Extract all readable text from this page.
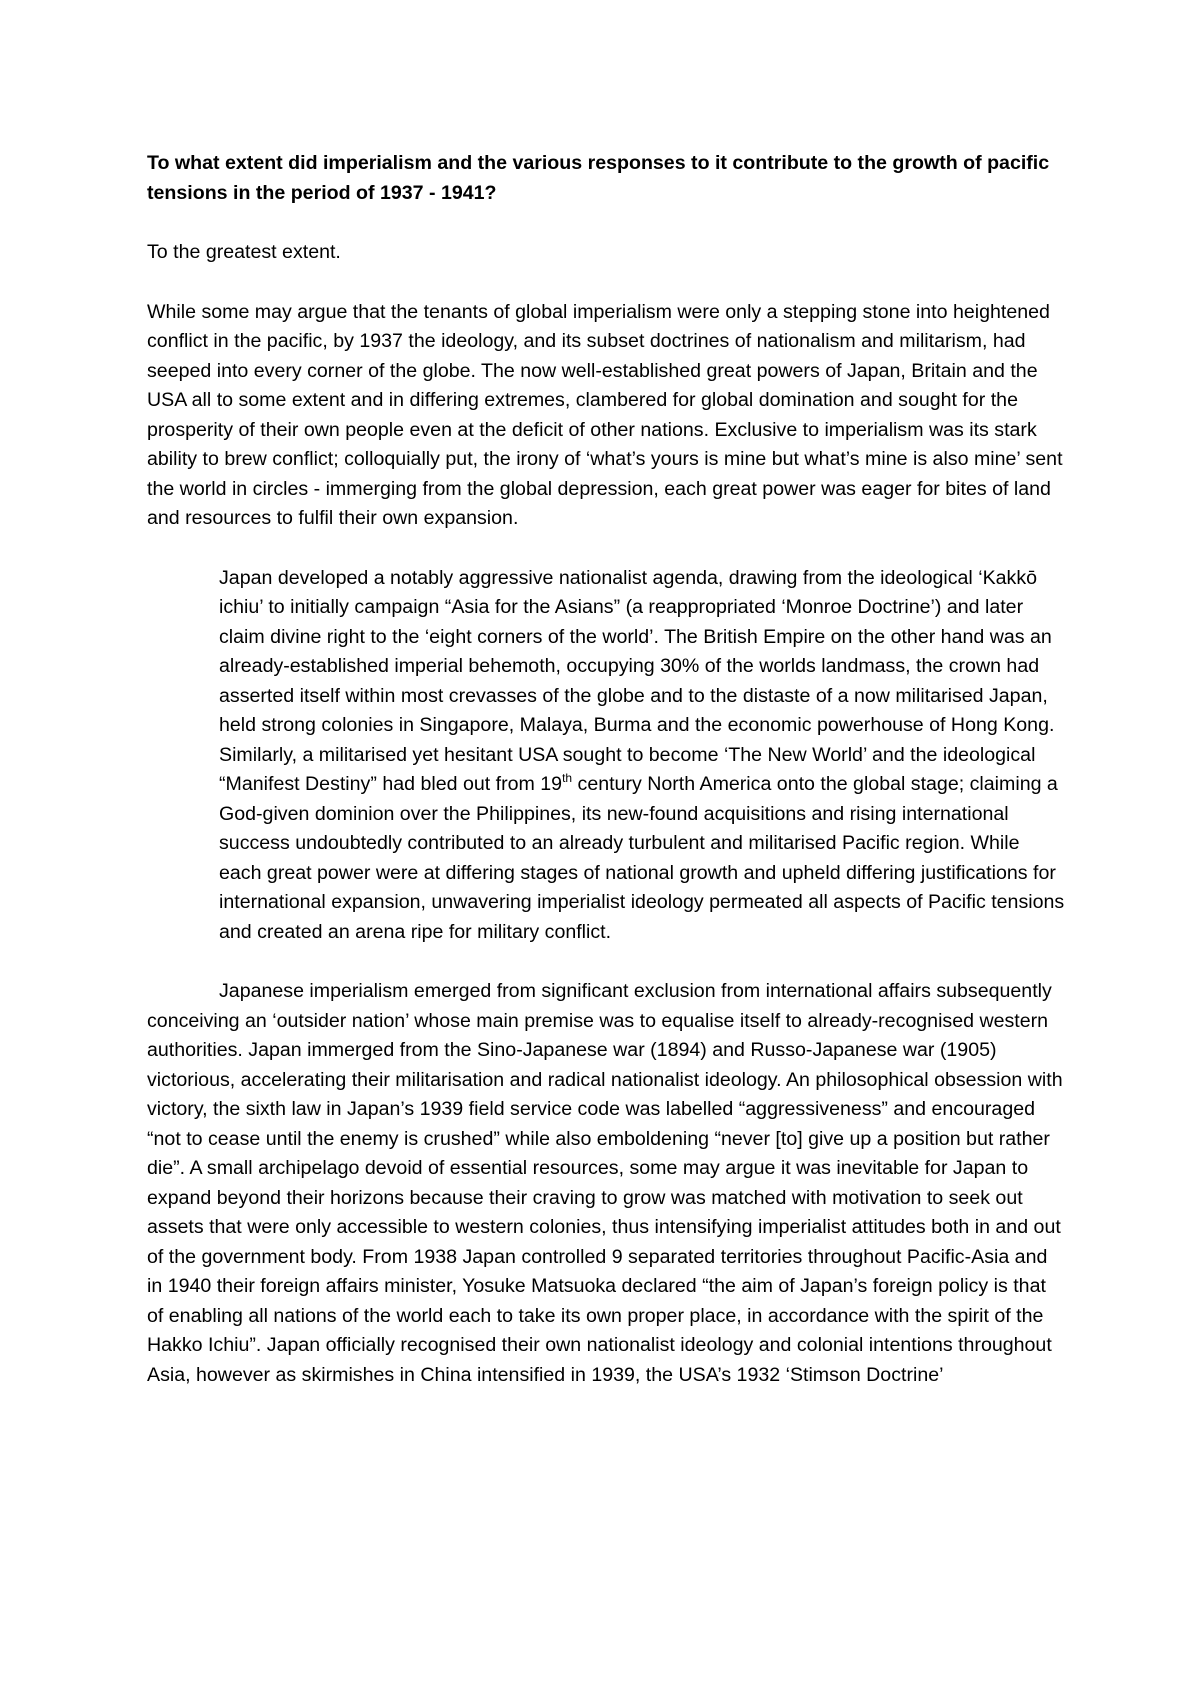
To what extent did imperialism and the various responses to it contribute to the growth of pacific tensions in the period of 1937 - 1941?

To the greatest extent.

While some may argue that the tenants of global imperialism were only a stepping stone into heightened conflict in the pacific, by 1937 the ideology, and its subset doctrines of nationalism and militarism, had seeped into every corner of the globe. The now well-established great powers of Japan, Britain and the USA all to some extent and in differing extremes, clambered for global domination and sought for the prosperity of their own people even at the deficit of other nations. Exclusive to imperialism was its stark ability to brew conflict; colloquially put, the irony of ‘what’s yours is mine but what’s mine is also mine’ sent the world in circles - immerging from the global depression, each great power was eager for bites of land and resources to fulfil their own expansion.

Japan developed a notably aggressive nationalist agenda, drawing from the ideological ‘Kakkō ichiu’ to initially campaign “Asia for the Asians” (a reappropriated ‘Monroe Doctrine’) and later claim divine right to the ‘eight corners of the world’. The British Empire on the other hand was an already-established imperial behemoth, occupying 30% of the worlds landmass, the crown had asserted itself within most crevasses of the globe and to the distaste of a now militarised Japan, held strong colonies in Singapore, Malaya, Burma and the economic powerhouse of Hong Kong. Similarly, a militarised yet hesitant USA sought to become ‘The New World’ and the ideological “Manifest Destiny” had bled out from 19th century North America onto the global stage; claiming a God-given dominion over the Philippines, its new-found acquisitions and rising international success undoubtedly contributed to an already turbulent and militarised Pacific region. While each great power were at differing stages of national growth and upheld differing justifications for international expansion, unwavering imperialist ideology permeated all aspects of Pacific tensions and created an arena ripe for military conflict.

Japanese imperialism emerged from significant exclusion from international affairs subsequently conceiving an ‘outsider nation’ whose main premise was to equalise itself to already-recognised western authorities. Japan immerged from the Sino-Japanese war (1894) and Russo-Japanese war (1905) victorious, accelerating their militarisation and radical nationalist ideology. An philosophical obsession with victory, the sixth law in Japan’s 1939 field service code was labelled “aggressiveness” and encouraged “not to cease until the enemy is crushed” while also emboldening “never [to] give up a position but rather die”. A small archipelago devoid of essential resources, some may argue it was inevitable for Japan to expand beyond their horizons because their craving to grow was matched with motivation to seek out assets that were only accessible to western colonies, thus intensifying imperialist attitudes both in and out of the government body. From 1938 Japan controlled 9 separated territories throughout Pacific-Asia and in 1940 their foreign affairs minister, Yosuke Matsuoka declared “the aim of Japan’s foreign policy is that of enabling all nations of the world each to take its own proper place, in accordance with the spirit of the Hakko Ichiu”. Japan officially recognised their own nationalist ideology and colonial intentions throughout Asia, however as skirmishes in China intensified in 1939, the USA’s 1932 ‘Stimson Doctrine’
